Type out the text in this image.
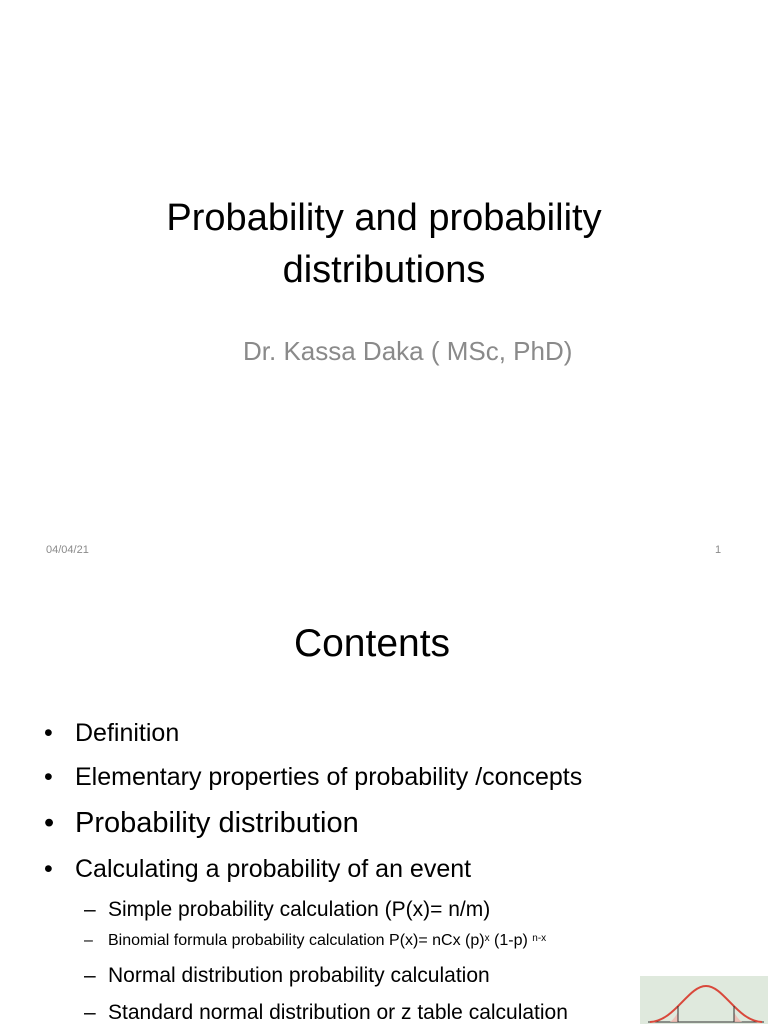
Probability and probability
distributions
Dr. Kassa Daka ( MSc, PhD)
04/04/21	1
Contents
• Definition
• Elementary properties of probability /concepts
• Probability distribution
• Calculating a probability of an event
– Simple probability calculation (P(x)= n/m)
– Binomial formula probability calculation P(x)= nCx $(p)^x$ (1-p) $^{n-x}$
– Normal distribution probability calculation
– Standard normal distribution or z table calculation
